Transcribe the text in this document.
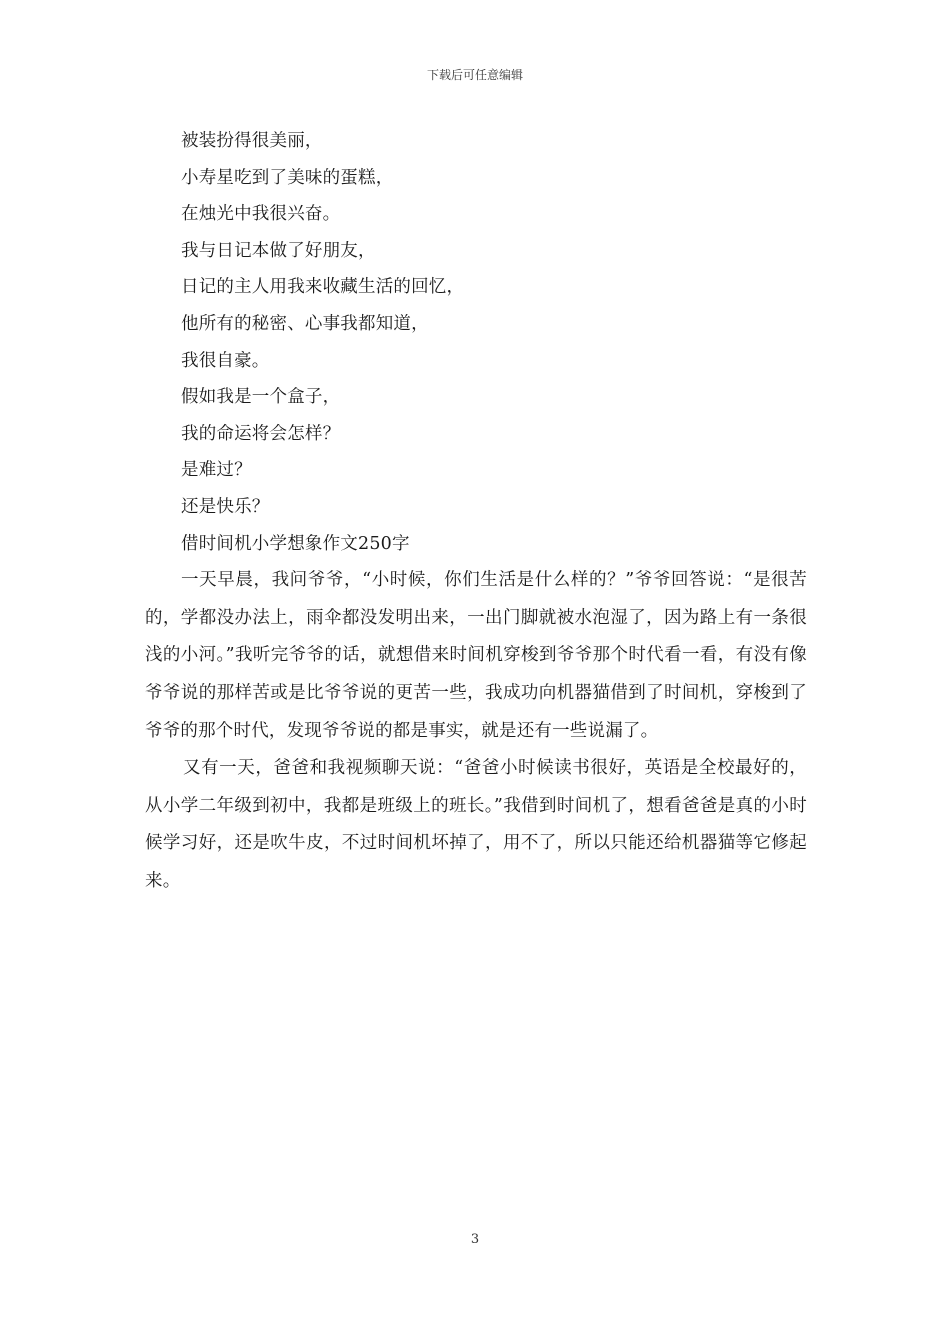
下载后可任意编辑
被装扮得很美丽，
小寿星吃到了美味的蛋糕，
在烛光中我很兴奋。
我与日记本做了好朋友，
日记的主人用我来收藏生活的回忆，
他所有的秘密、心事我都知道，
我很自豪。
假如我是一个盒子，
我的命运将会怎样？
是难过？
还是快乐？
借时间机小学想象作文250字

一天早晨，我问爷爷，“小时候，你们生活是什么样的？”爷爷回答说：“是很苦的，学都没办法上，雨伞都没发明出来，一出门脚就被水泡湿了，因为路上有一条很浅的小河。”我听完爷爷的话，就想借来时间机穿梭到爷爷那个时代看一看，有没有像爷爷说的那样苦或是比爷爷说的更苦一些，我成功向机器猫借到了时间机，穿梭到了爷爷的那个时代，发现爷爷说的都是事实，就是还有一些说漏了。

又有一天，爸爸和我视频聊天说：“爸爸小时候读书很好，英语是全校最好的，从小学二年级到初中，我都是班级上的班长。”我借到时间机了，想看爸爸是真的小时候学习好，还是吹牛皮，不过时间机坏掉了，用不了，所以只能还给机器猫等它修起来。

3
